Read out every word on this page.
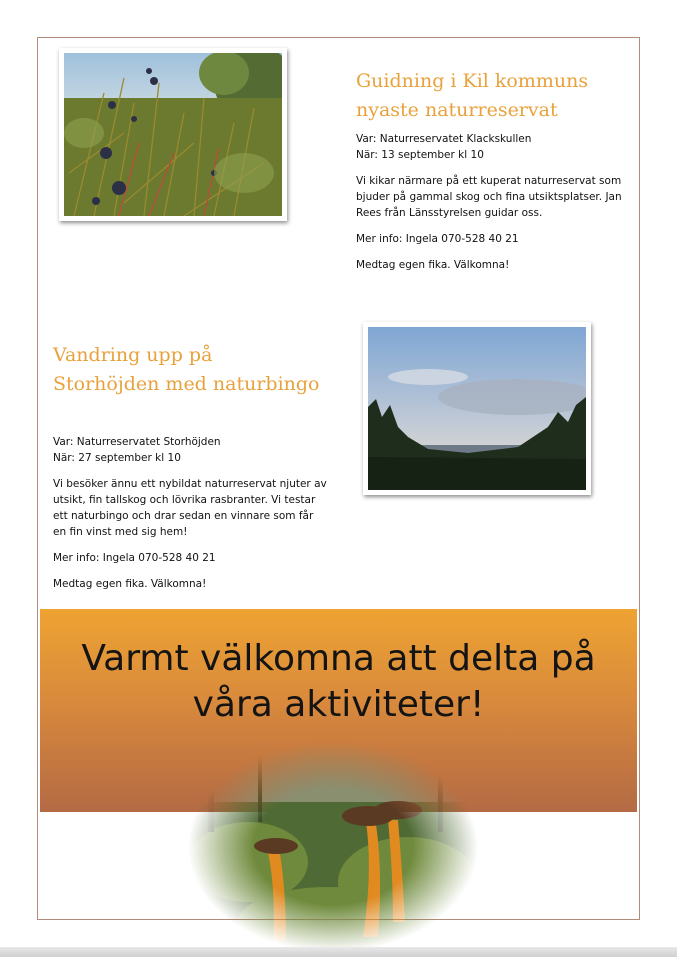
Guidning i Kil kommuns nyaste naturreservat

Var: Naturreservatet Klackskullen
När: 13 september kl 10

Vi kikar närmare på ett kuperat naturreservat som bjuder på gammal skog och fina utsiktsplatser. Jan Rees från Länsstyrelsen guidar oss.

Mer info: Ingela 070-528 40 21

Medtag egen fika. Välkomna!

Vandring upp på Storhöjden med naturbingo

Var: Naturreservatet Storhöjden
När: 27 september kl 10

Vi besöker ännu ett nybildat naturreservat njuter av utsikt, fin tallskog och lövrika rasbranter. Vi testar ett naturbingo och drar sedan en vinnare som får en fin vinst med sig hem!

Mer info: Ingela 070-528 40 21

Medtag egen fika. Välkomna!

Varmt välkomna att delta på våra aktiviteter!
